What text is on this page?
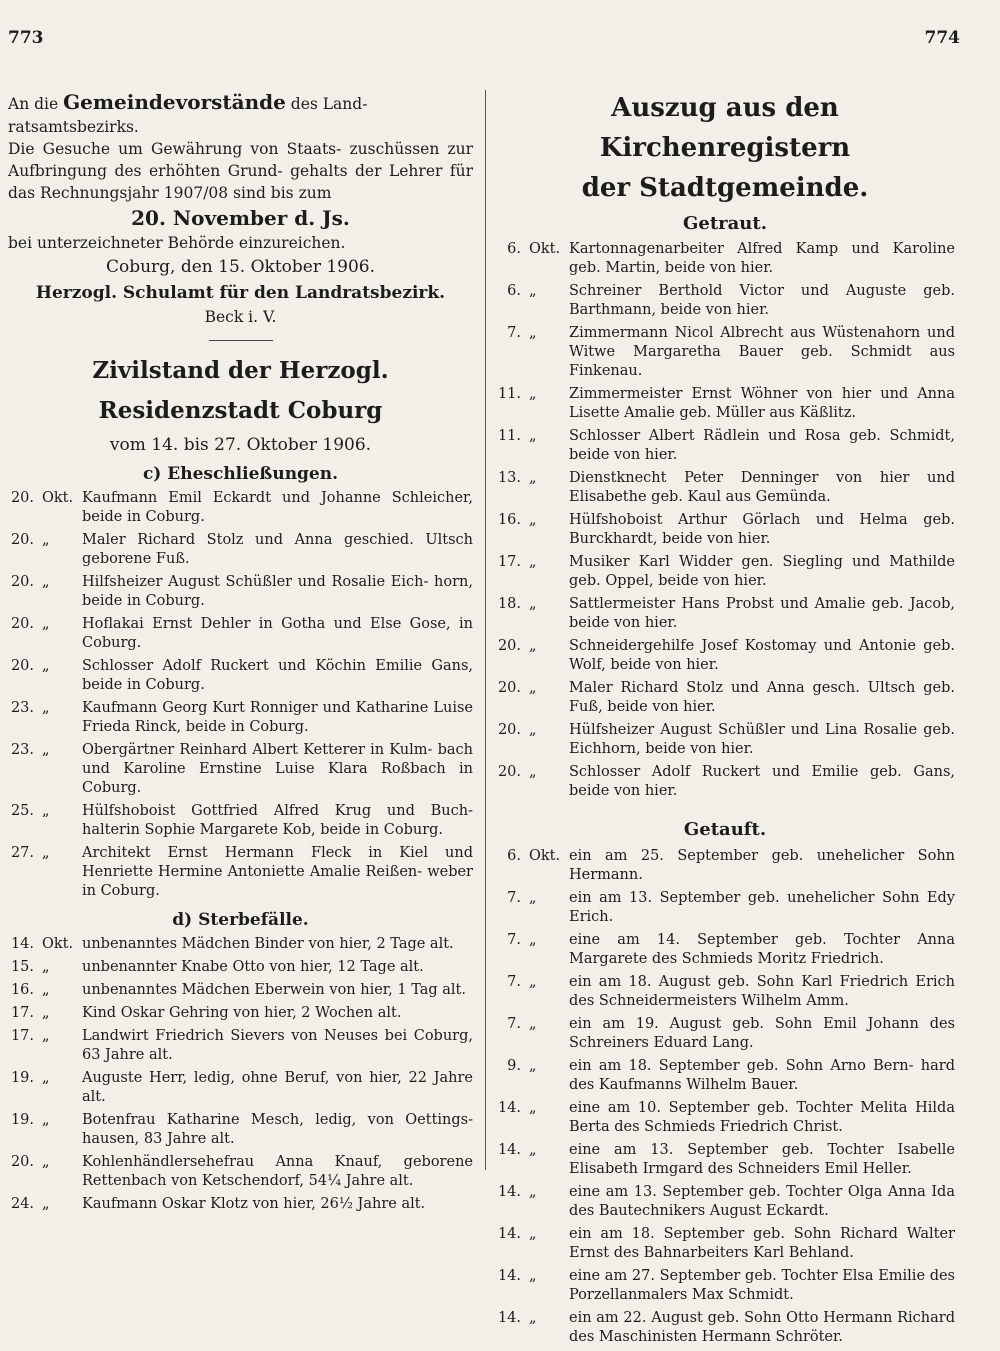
773	774

An die Gemeindevorstände des Land-
ratsamtsbezirks.

Die Gesuche um Gewährung von Staats- zuschüssen zur Aufbringung des erhöhten Grund- gehalts der Lehrer für das Rechnungsjahr 1907/08 sind bis zum

20. November d. Js.

bei unterzeichneter Behörde einzureichen.

Coburg, den 15. Oktober 1906.

Herzogl. Schulamt für den Landratsbezirk.

Beck i. V.

Zivilstand der Herzogl. Residenzstadt Coburg

vom 14. bis 27. Oktober 1906.

c) Eheschließungen.

20.	Okt.	Kaufmann Emil Eckardt und Johanne Schleicher, beide in Coburg.
20.	„	Maler Richard Stolz und Anna geschied. Ultsch geborene Fuß.
20.	„	Hilfsheizer August Schüßler und Rosalie Eich- horn, beide in Coburg.
20.	„	Hoflakai Ernst Dehler in Gotha und Else Gose, in Coburg.
20.	„	Schlosser Adolf Ruckert und Köchin Emilie Gans, beide in Coburg.
23.	„	Kaufmann Georg Kurt Ronniger und Katharine Luise Frieda Rinck, beide in Coburg.
23.	„	Obergärtner Reinhard Albert Ketterer in Kulm- bach und Karoline Ernstine Luise Klara Roßbach in Coburg.
25.	„	Hülfshoboist Gottfried Alfred Krug und Buch- halterin Sophie Margarete Kob, beide in Coburg.
27.	„	Architekt Ernst Hermann Fleck in Kiel und Henriette Hermine Antoniette Amalie Reißen- weber in Coburg.

d) Sterbefälle.

14.	Okt.	unbenanntes Mädchen Binder von hier, 2 Tage alt.
15.	„	unbenannter Knabe Otto von hier, 12 Tage alt.
16.	„	unbenanntes Mädchen Eberwein von hier, 1 Tag alt.
17.	„	Kind Oskar Gehring von hier, 2 Wochen alt.
17.	„	Landwirt Friedrich Sievers von Neuses bei Coburg, 63 Jahre alt.
19.	„	Auguste Herr, ledig, ohne Beruf, von hier, 22 Jahre alt.
19.	„	Botenfrau Katharine Mesch, ledig, von Oettings- hausen, 83 Jahre alt.
20.	„	Kohlenhändlersehefrau Anna Knauf, geborene Rettenbach von Ketschendorf, 54¼ Jahre alt.
24.	„	Kaufmann Oskar Klotz von hier, 26½ Jahre alt.

Auszug aus den Kirchenregistern

der Stadtgemeinde.

Getraut.

6.	Okt.	Kartonnagenarbeiter Alfred Kamp und Karoline geb. Martin, beide von hier.
6.	„	Schreiner Berthold Victor und Auguste geb. Barthmann, beide von hier.
7.	„	Zimmermann Nicol Albrecht aus Wüstenahorn und Witwe Margaretha Bauer geb. Schmidt aus Finkenau.
11.	„	Zimmermeister Ernst Wöhner von hier und Anna Lisette Amalie geb. Müller aus Käßlitz.
11.	„	Schlosser Albert Rädlein und Rosa geb. Schmidt, beide von hier.
13.	„	Dienstknecht Peter Denninger von hier und Elisabethe geb. Kaul aus Gemünda.
16.	„	Hülfshoboist Arthur Görlach und Helma geb. Burckhardt, beide von hier.
17.	„	Musiker Karl Widder gen. Siegling und Mathilde geb. Oppel, beide von hier.
18.	„	Sattlermeister Hans Probst und Amalie geb. Jacob, beide von hier.
20.	„	Schneidergehilfe Josef Kostomay und Antonie geb. Wolf, beide von hier.
20.	„	Maler Richard Stolz und Anna gesch. Ultsch geb. Fuß, beide von hier.
20.	„	Hülfsheizer August Schüßler und Lina Rosalie geb. Eichhorn, beide von hier.
20.	„	Schlosser Adolf Ruckert und Emilie geb. Gans, beide von hier.

Getauft.

6.	Okt.	ein am 25. September geb. unehelicher Sohn Hermann.
7.	„	ein am 13. September geb. unehelicher Sohn Edy Erich.
7.	„	eine am 14. September geb. Tochter Anna Margarete des Schmieds Moritz Friedrich.
7.	„	ein am 18. August geb. Sohn Karl Friedrich Erich des Schneidermeisters Wilhelm Amm.
7.	„	ein am 19. August geb. Sohn Emil Johann des Schreiners Eduard Lang.
9.	„	ein am 18. September geb. Sohn Arno Bern- hard des Kaufmanns Wilhelm Bauer.
14.	„	eine am 10. September geb. Tochter Melita Hilda Berta des Schmieds Friedrich Christ.
14.	„	eine am 13. September geb. Tochter Isabelle Elisabeth Irmgard des Schneiders Emil Heller.
14.	„	eine am 13. September geb. Tochter Olga Anna Ida des Bautechnikers August Eckardt.
14.	„	ein am 18. September geb. Sohn Richard Walter Ernst des Bahnarbeiters Karl Behland.
14.	„	eine am 27. September geb. Tochter Elsa Emilie des Porzellanmalers Max Schmidt.
14.	„	ein am 22. August geb. Sohn Otto Hermann Richard des Maschinisten Hermann Schröter.
